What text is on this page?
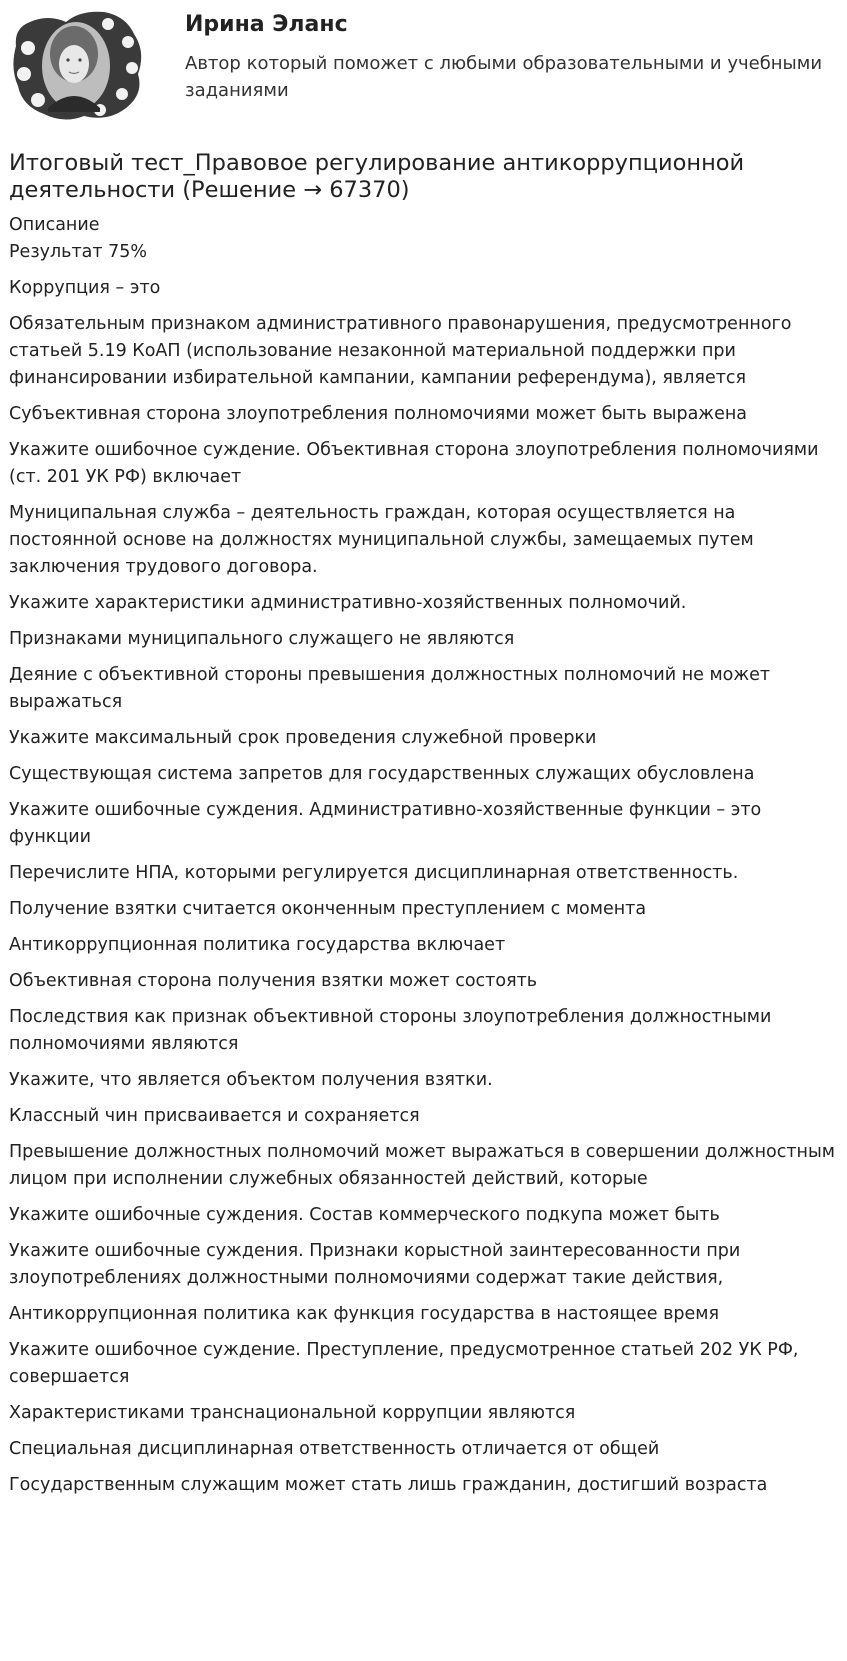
Ирина Эланс

Автор который поможет с любыми образовательными и учебными заданиями

Итоговый тест_Правовое регулирование антикоррупционной деятельности (Решение → 67370)

Описание

Результат 75%

Коррупция – это
Обязательным признаком административного правонарушения, предусмотренного статьей 5.19 КоАП (использование незаконной материальной поддержки при финансировании избирательной кампании, кампании референдума), является
Субъективная сторона злоупотребления полномочиями может быть выражена
Укажите ошибочное суждение. Объективная сторона злоупотребления полномочиями (ст. 201 УК РФ) включает
Муниципальная служба – деятельность граждан, которая осуществляется на постоянной основе на должностях муниципальной службы, замещаемых путем заключения трудового договора.
Укажите характеристики административно-хозяйственных полномочий.
Признаками муниципального служащего не являются
Деяние с объективной стороны превышения должностных полномочий не может выражаться
Укажите максимальный срок проведения служебной проверки
Существующая система запретов для государственных служащих обусловлена
Укажите ошибочные суждения. Административно-хозяйственные функции – это функции
Перечислите НПА, которыми регулируется дисциплинарная ответственность.
Получение взятки считается оконченным преступлением с момента
Антикоррупционная политика государства включает
Объективная сторона получения взятки может состоять
Последствия как признак объективной стороны злоупотребления должностными полномочиями являются
Укажите, что является объектом получения взятки.
Классный чин присваивается и сохраняется
Превышение должностных полномочий может выражаться в совершении должностным лицом при исполнении служебных обязанностей действий, которые
Укажите ошибочные суждения. Состав коммерческого подкупа может быть
Укажите ошибочные суждения. Признаки корыстной заинтересованности при злоупотреблениях должностными полномочиями содержат такие действия,
Антикоррупционная политика как функция государства в настоящее время
Укажите ошибочное суждение. Преступление, предусмотренное статьей 202 УК РФ, совершается
Характеристиками транснациональной коррупции являются
Специальная дисциплинарная ответственность отличается от общей
Государственным служащим может стать лишь гражданин, достигший возраста
